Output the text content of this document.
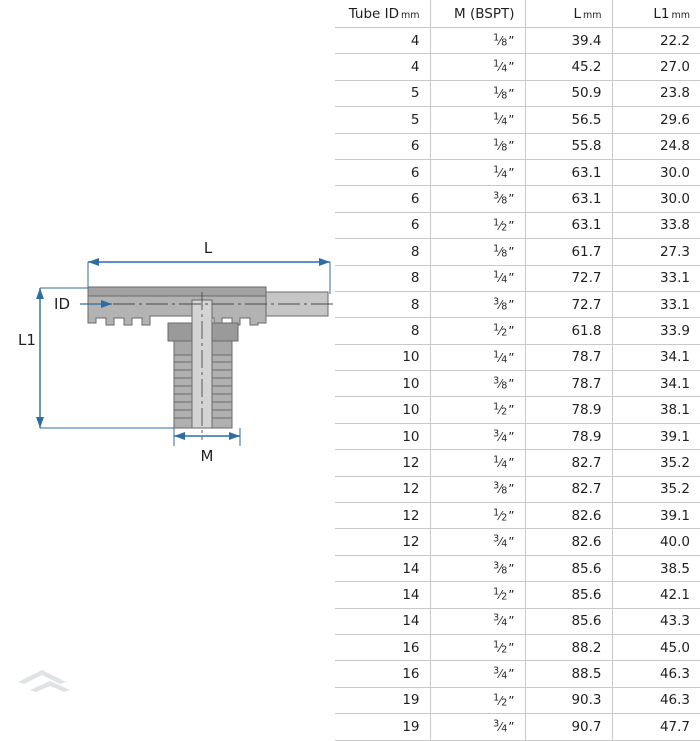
L
ID
L1
M
Tube ID mm	M (BSPT)	L mm	L1 mm
4	$^1$⁄8”	39.4	22.2
4	$^1$⁄4”	45.2	27.0
5	$^1$⁄8”	50.9	23.8
5	$^1$⁄4”	56.5	29.6
6	$^1$⁄8”	55.8	24.8
6	$^1$⁄4”	63.1	30.0
6	$^3$⁄8”	63.1	30.0
6	$^1$⁄2”	63.1	33.8
8	$^1$⁄8”	61.7	27.3
8	$^1$⁄4”	72.7	33.1
8	$^3$⁄8”	72.7	33.1
8	$^1$⁄2”	61.8	33.9
10	$^1$⁄4”	78.7	34.1
10	$^3$⁄8”	78.7	34.1
10	$^1$⁄2”	78.9	38.1
10	$^3$⁄4”	78.9	39.1
12	$^1$⁄4”	82.7	35.2
12	$^3$⁄8”	82.7	35.2
12	$^1$⁄2”	82.6	39.1
12	$^3$⁄4”	82.6	40.0
14	$^3$⁄8”	85.6	38.5
14	$^1$⁄2”	85.6	42.1
14	$^3$⁄4”	85.6	43.3
16	$^1$⁄2”	88.2	45.0
16	$^3$⁄4”	88.5	46.3
19	$^1$⁄2”	90.3	46.3
19	$^3$⁄4”	90.7	47.7
